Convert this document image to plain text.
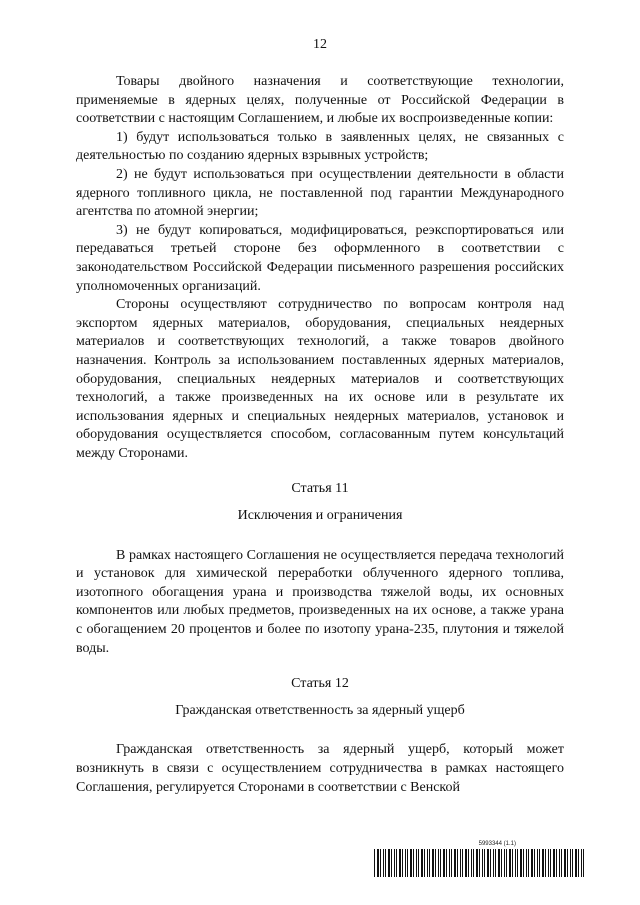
12

Товары двойного назначения и соответствующие технологии, применяемые в ядерных целях, полученные от Российской Федерации в соответствии с настоящим Соглашением, и любые их воспроизведенные копии:

1) будут использоваться только в заявленных целях, не связанных с деятельностью по созданию ядерных взрывных устройств;

2) не будут использоваться при осуществлении деятельности в области ядерного топливного цикла, не поставленной под гарантии Международного агентства по атомной энергии;

3) не будут копироваться, модифицироваться, реэкспортироваться или передаваться третьей стороне без оформленного в соответствии с законодательством Российской Федерации письменного разрешения российских уполномоченных организаций.

Стороны осуществляют сотрудничество по вопросам контроля над экспортом ядерных материалов, оборудования, специальных неядерных материалов и соответствующих технологий, а также товаров двойного назначения. Контроль за использованием поставленных ядерных материалов, оборудования, специальных неядерных материалов и соответствующих технологий, а также произведенных на их основе или в результате их использования ядерных и специальных неядерных материалов, установок и оборудования осуществляется способом, согласованным путем консультаций между Сторонами.

Статья 11

Исключения и ограничения

В рамках настоящего Соглашения не осуществляется передача технологий и установок для химической переработки облученного ядерного топлива, изотопного обогащения урана и производства тяжелой воды, их основных компонентов или любых предметов, произведенных на их основе, а также урана с обогащением 20 процентов и более по изотопу урана-235, плутония и тяжелой воды.

Статья 12

Гражданская ответственность за ядерный ущерб

Гражданская ответственность за ядерный ущерб, который может возникнуть в связи с осуществлением сотрудничества в рамках настоящего Соглашения, регулируется Сторонами в соответствии с Венской

5993344 (1.1)
